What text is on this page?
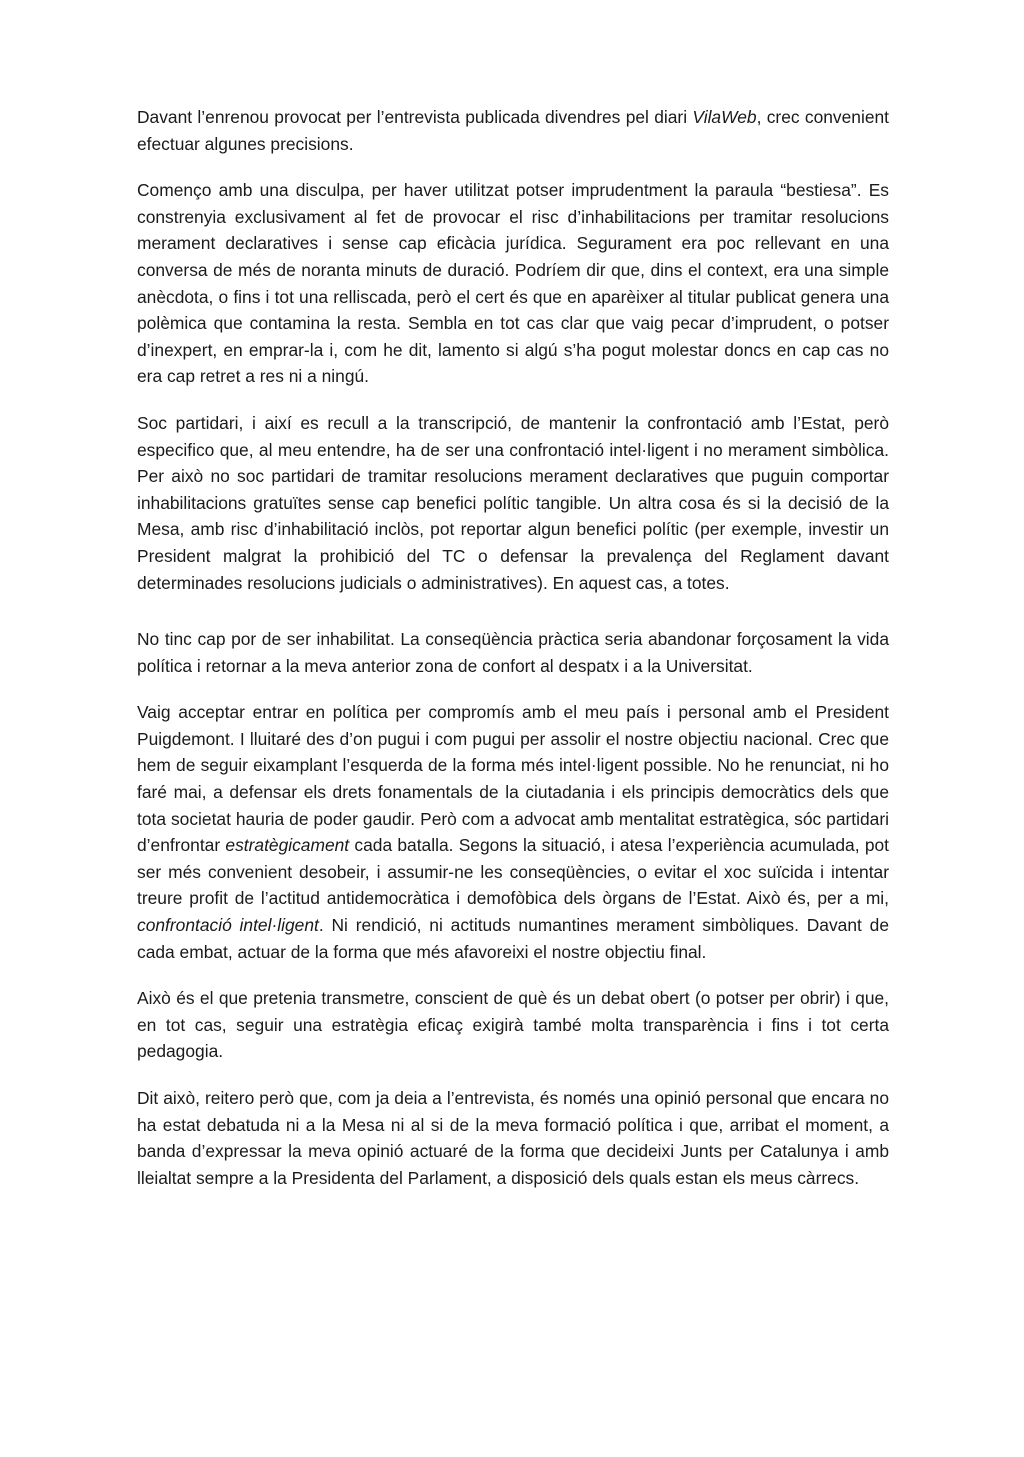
Davant l’enrenou provocat per l’entrevista publicada divendres pel diari VilaWeb, crec convenient efectuar algunes precisions.

Començo amb una disculpa, per haver utilitzat potser imprudentment la paraula “bestiesa”. Es constrenyia exclusivament al fet de provocar el risc d’inhabilitacions per tramitar resolucions merament declaratives i sense cap eficàcia jurídica. Segurament era poc rellevant en una conversa de més de noranta minuts de duració. Podríem dir que, dins el context, era una simple anècdota, o fins i tot una relliscada, però el cert és que en aparèixer al titular publicat genera una polèmica que contamina la resta. Sembla en tot cas clar que vaig pecar d’imprudent, o potser d’inexpert, en emprar-la i, com he dit, lamento si algú s’ha pogut molestar doncs en cap cas no era cap retret a res ni a ningú.

Soc partidari, i així es recull a la transcripció, de mantenir la confrontació amb l’Estat, però especifico que, al meu entendre, ha de ser una confrontació intel·ligent i no merament simbòlica. Per això no soc partidari de tramitar resolucions merament declaratives que puguin comportar inhabilitacions gratuïtes sense cap benefici polític tangible. Un altra cosa és si la decisió de la Mesa, amb risc d’inhabilitació inclòs, pot reportar algun benefici polític (per exemple, investir un President malgrat la prohibició del TC o defensar la prevalença del Reglament davant determinades resolucions judicials o administratives). En aquest cas, a totes.

No tinc cap por de ser inhabilitat. La conseqüència pràctica seria abandonar forçosament la vida política i retornar a la meva anterior zona de confort al despatx i a la Universitat.

Vaig acceptar entrar en política per compromís amb el meu país i personal amb el President Puigdemont. I lluitaré des d’on pugui i com pugui per assolir el nostre objectiu nacional. Crec que hem de seguir eixamplant l’esquerda de la forma més intel·ligent possible. No he renunciat, ni ho faré mai, a defensar els drets fonamentals de la ciutadania i els principis democràtics dels que tota societat hauria de poder gaudir. Però com a advocat amb mentalitat estratègica, sóc partidari d’enfrontar estratègicament cada batalla. Segons la situació, i atesa l’experiència acumulada, pot ser més convenient desobeir, i assumir-ne les conseqüències, o evitar el xoc suïcida i intentar treure profit de l’actitud antidemocràtica i demofòbica dels òrgans de l’Estat. Això és, per a mi, confrontació intel·ligent. Ni rendició, ni actituds numantines merament simbòliques. Davant de cada embat, actuar de la forma que més afavoreixi el nostre objectiu final.

Això és el que pretenia transmetre, conscient de què és un debat obert (o potser per obrir) i que, en tot cas, seguir una estratègia eficaç exigirà també molta transparència i fins i tot certa pedagogia.

Dit això, reitero però que, com ja deia a l’entrevista, és només una opinió personal que encara no ha estat debatuda ni a la Mesa ni al si de la meva formació política i que, arribat el moment, a banda d’expressar la meva opinió actuaré de la forma que decideixi Junts per Catalunya i amb lleialtat sempre a la Presidenta del Parlament, a disposició dels quals estan els meus càrrecs.
